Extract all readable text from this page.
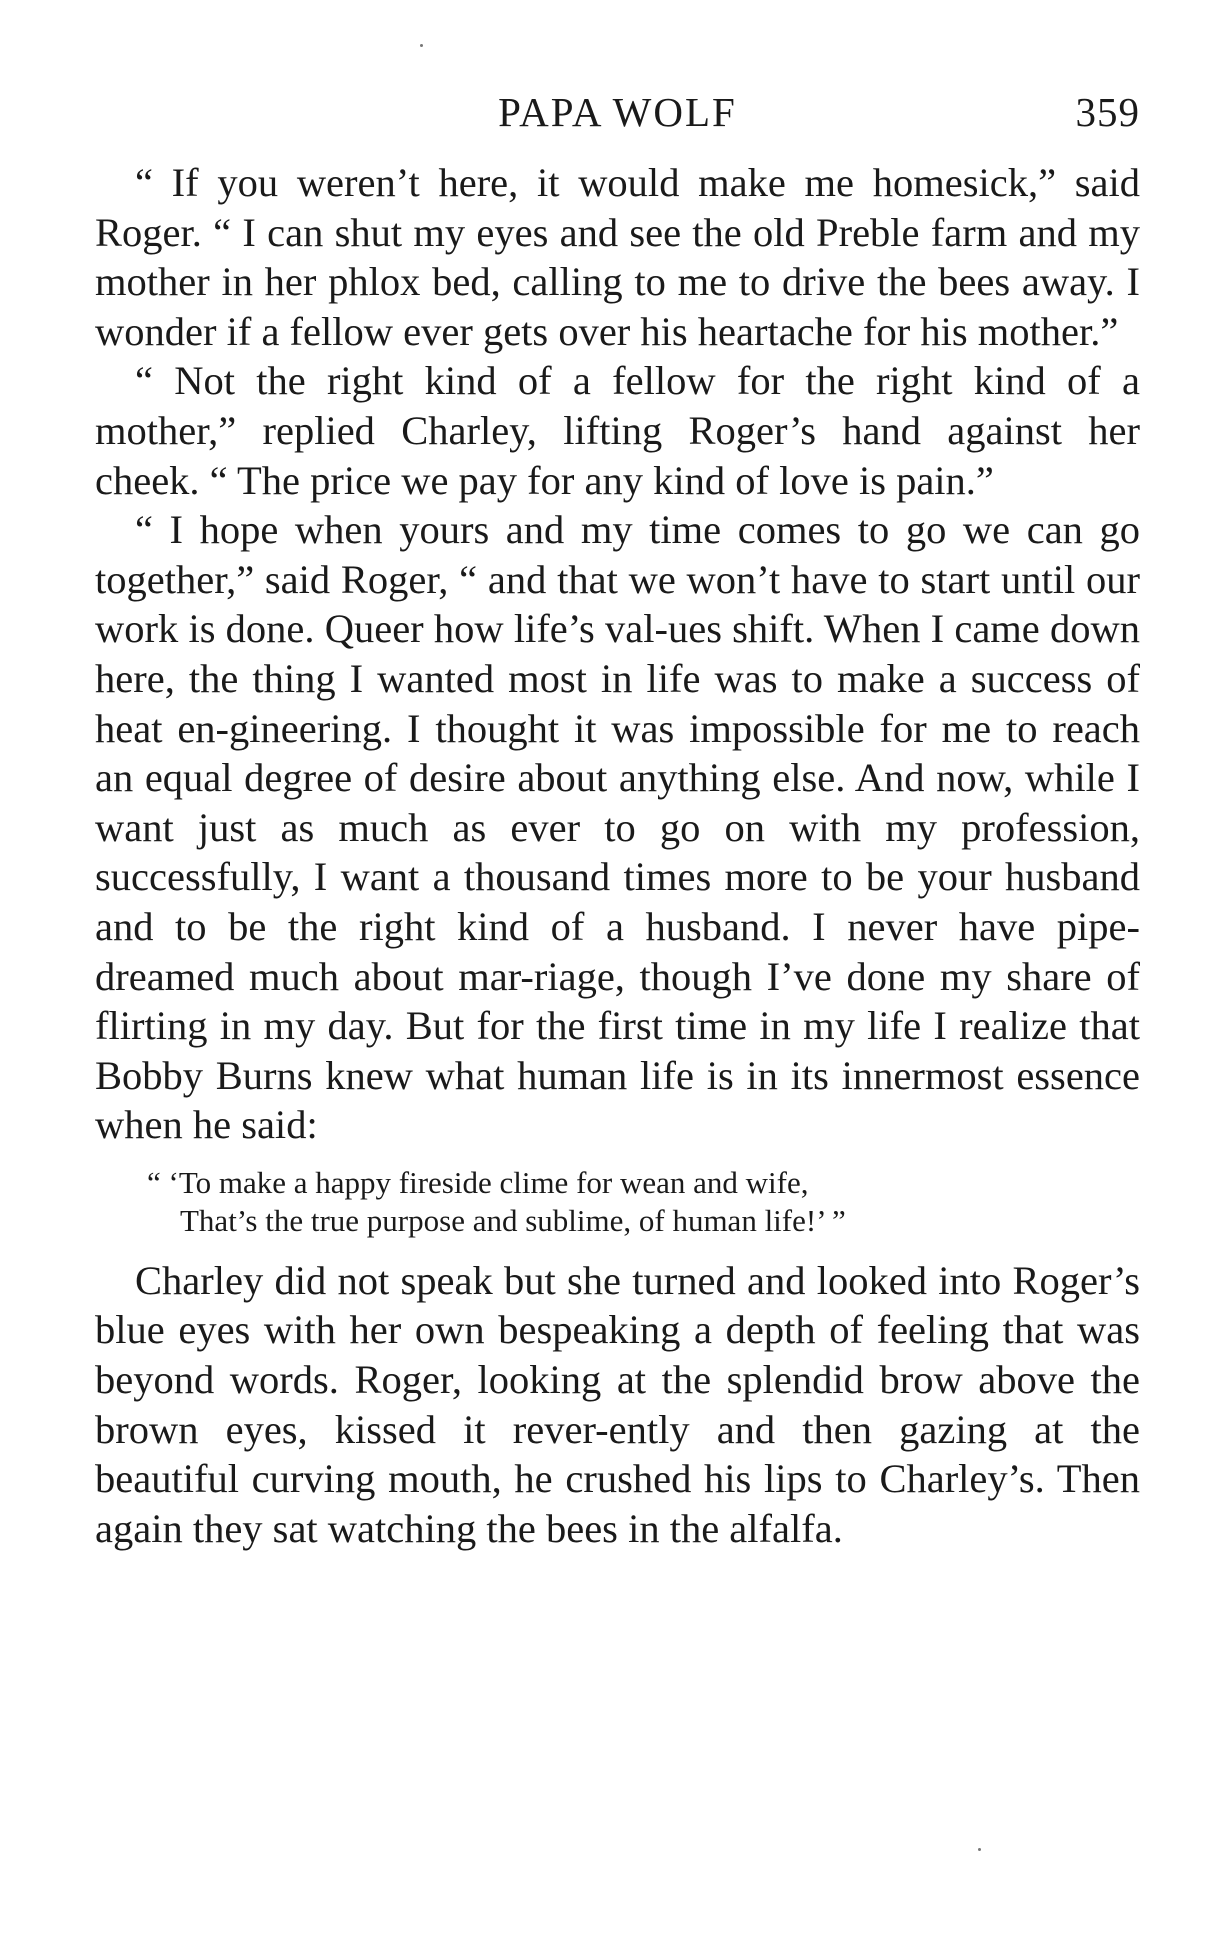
PAPA WOLF	359

“ If you weren’t here, it would make me homesick,” said Roger. “ I can shut my eyes and see the old Preble farm and my mother in her phlox bed, calling to me to drive the bees away. I wonder if a fellow ever gets over his heartache for his mother.”

“ Not the right kind of a fellow for the right kind of a mother,” replied Charley, lifting Roger’s hand against her cheek. “ The price we pay for any kind of love is pain.”

“ I hope when yours and my time comes to go we can go together,” said Roger, “ and that we won’t have to start until our work is done. Queer how life’s val-ues shift. When I came down here, the thing I wanted most in life was to make a success of heat en-gineering. I thought it was impossible for me to reach an equal degree of desire about anything else. And now, while I want just as much as ever to go on with my profession, successfully, I want a thousand times more to be your husband and to be the right kind of a husband. I never have pipe-dreamed much about mar-riage, though I’ve done my share of flirting in my day. But for the first time in my life I realize that Bobby Burns knew what human life is in its innermost essence when he said:

“ ‘To make a happy fireside clime for wean and wife,
That’s the true purpose and sublime, of human life!’ ”

Charley did not speak but she turned and looked into Roger’s blue eyes with her own bespeaking a depth of feeling that was beyond words. Roger, looking at the splendid brow above the brown eyes, kissed it rever-ently and then gazing at the beautiful curving mouth, he crushed his lips to Charley’s. Then again they sat watching the bees in the alfalfa.
